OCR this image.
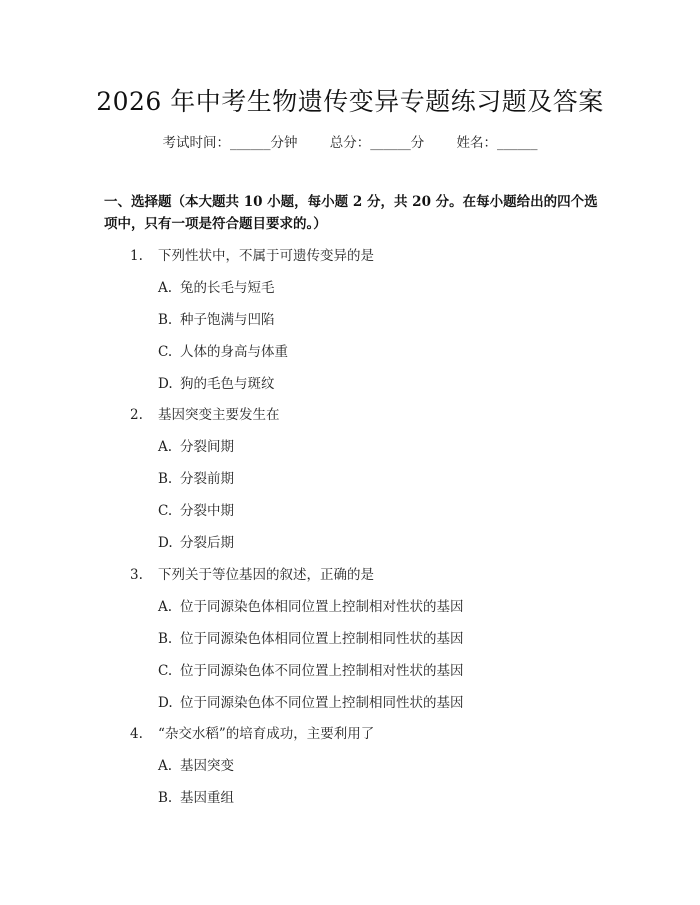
2026 年中考生物遗传变异专题练习题及答案
考试时间：______分钟 总分：______分 姓名：______
一、选择题（本大题共 10 小题，每小题 2 分，共 20 分。在每小题给出的四个选项中，只有一项是符合题目要求的。）
1. 下列性状中，不属于可遗传变异的是
A. 兔的长毛与短毛
B. 种子饱满与凹陷
C. 人体的身高与体重
D. 狗的毛色与斑纹
2. 基因突变主要发生在
A. 分裂间期
B. 分裂前期
C. 分裂中期
D. 分裂后期
3. 下列关于等位基因的叙述，正确的是
A. 位于同源染色体相同位置上控制相对性状的基因
B. 位于同源染色体相同位置上控制相同性状的基因
C. 位于同源染色体不同位置上控制相对性状的基因
D. 位于同源染色体不同位置上控制相同性状的基因
4. “杂交水稻”的培育成功，主要利用了
A. 基因突变
B. 基因重组
